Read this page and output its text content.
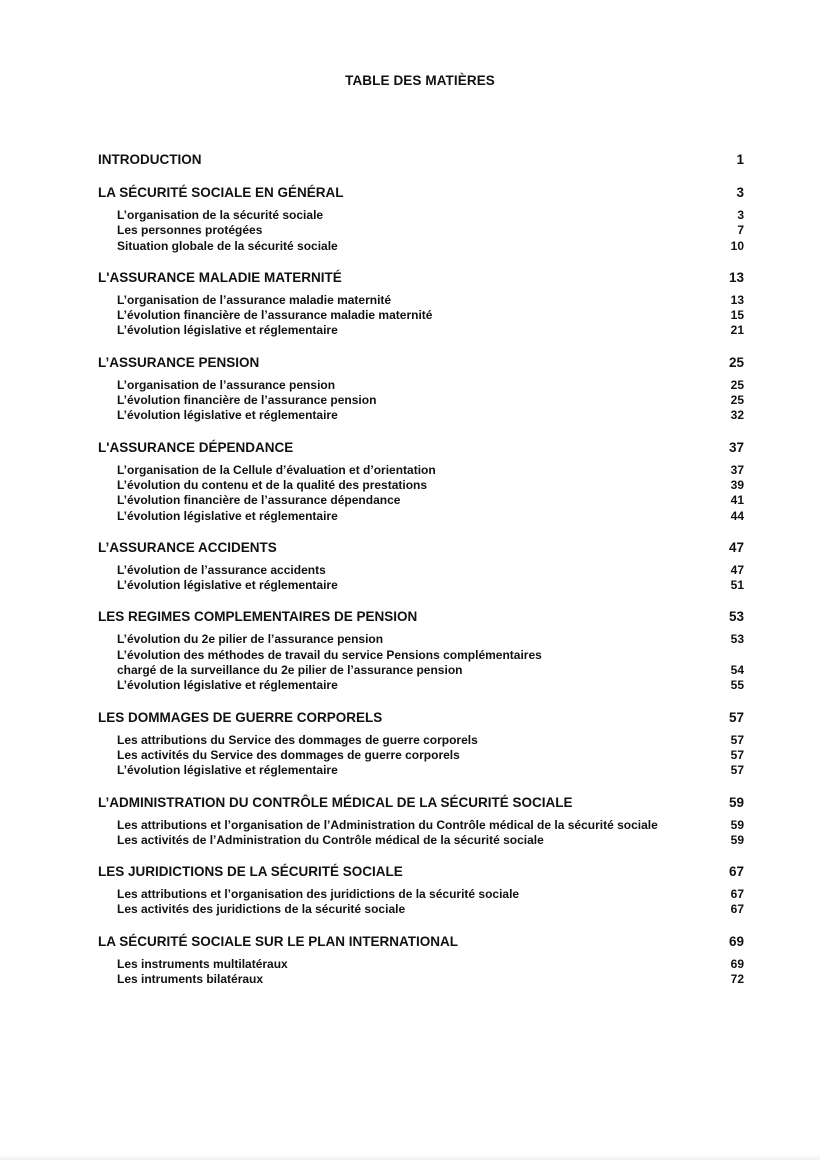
TABLE DES MATIÈRES
INTRODUCTION	1
LA SÉCURITÉ SOCIALE EN GÉNÉRAL	3
L’organisation de la sécurité sociale	3
Les personnes protégées	7
Situation globale de la sécurité sociale	10
L'ASSURANCE MALADIE MATERNITÉ	13
L’organisation de l’assurance maladie maternité	13
L’évolution financière de l’assurance maladie maternité	15
L’évolution législative et réglementaire	21
L’ASSURANCE PENSION	25
L’organisation de l’assurance pension	25
L’évolution financière de l’assurance pension	25
L’évolution législative et réglementaire	32
L'ASSURANCE DÉPENDANCE	37
L’organisation de la Cellule d’évaluation et d’orientation	37
L’évolution du contenu et de la qualité des prestations	39
L’évolution financière de l’assurance dépendance	41
L’évolution législative et réglementaire	44
L’ASSURANCE ACCIDENTS	47
L’évolution de l’assurance accidents	47
L’évolution législative et réglementaire	51
LES REGIMES COMPLEMENTAIRES DE PENSION	53
L’évolution du 2e pilier de l’assurance pension	53
L’évolution des méthodes de travail du service Pensions complémentaires
chargé de la surveillance du 2e pilier de l’assurance pension	54
L’évolution législative et réglementaire	55
LES DOMMAGES DE GUERRE CORPORELS	57
Les attributions du Service des dommages de guerre corporels	57
Les activités du Service des dommages de guerre corporels	57
L’évolution législative et réglementaire	57
L’ADMINISTRATION DU CONTRÔLE MÉDICAL DE LA SÉCURITÉ SOCIALE	59
Les attributions et l’organisation de l’Administration du Contrôle médical de la sécurité sociale	59
Les activités de l’Administration du Contrôle médical de la sécurité sociale	59
LES JURIDICTIONS DE LA SÉCURITÉ SOCIALE	67
Les attributions et l’organisation des juridictions de la sécurité sociale	67
Les activités des juridictions de la sécurité sociale	67
LA SÉCURITÉ SOCIALE SUR LE PLAN INTERNATIONAL	69
Les instruments multilatéraux	69
Les intruments bilatéraux	72
